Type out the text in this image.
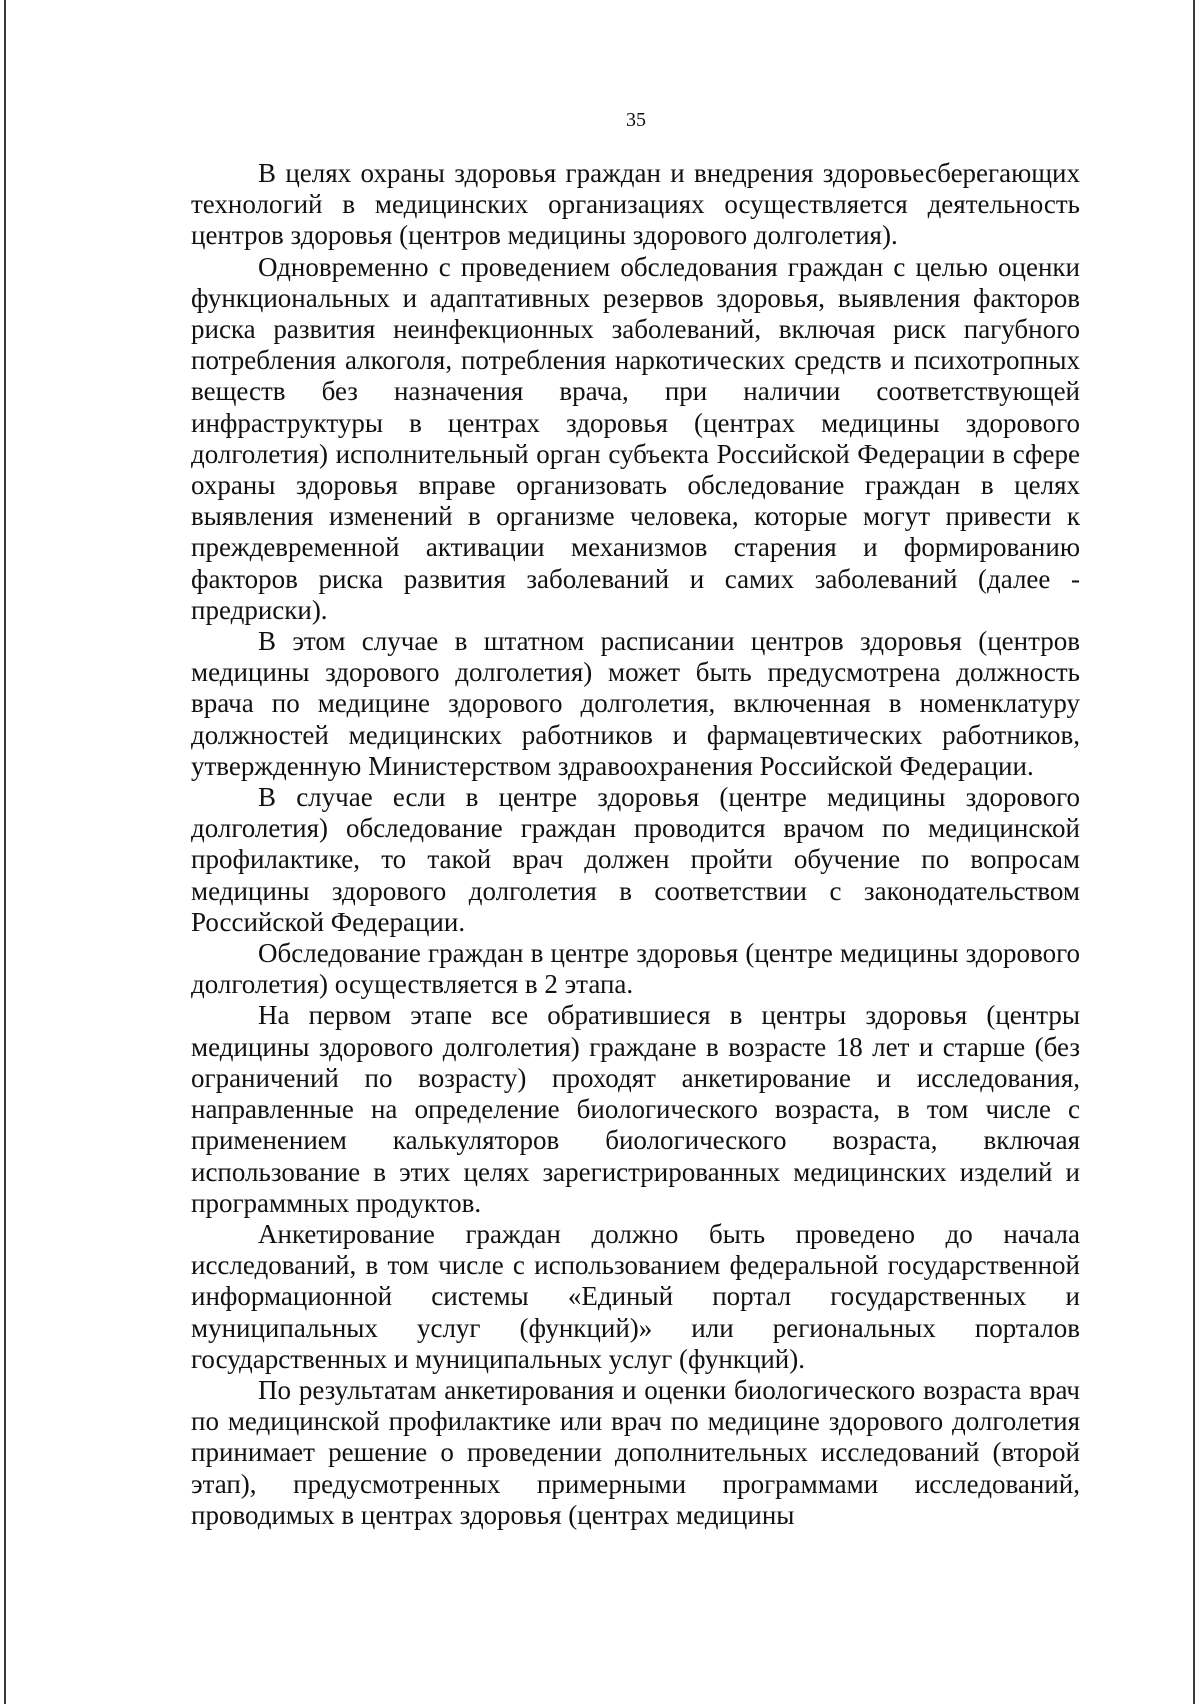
35

В целях охраны здоровья граждан и внедрения здоровьесберегающих технологий в медицинских организациях осуществляется деятельность центров здоровья (центров медицины здорового долголетия).

Одновременно с проведением обследования граждан с целью оценки функциональных и адаптативных резервов здоровья, выявления факторов риска развития неинфекционных заболеваний, включая риск пагубного потребления алкоголя, потребления наркотических средств и психотропных веществ без назначения врача, при наличии соответствующей инфраструктуры в центрах здоровья (центрах медицины здорового долголетия) исполнительный орган субъекта Российской Федерации в сфере охраны здоровья вправе организовать обследование граждан в целях выявления изменений в организме человека, которые могут привести к преждевременной активации механизмов старения и формированию факторов риска развития заболеваний и самих заболеваний (далее - предриски).

В этом случае в штатном расписании центров здоровья (центров медицины здорового долголетия) может быть предусмотрена должность врача по медицине здорового долголетия, включенная в номенклатуру должностей медицинских работников и фармацевтических работников, утвержденную Министерством здравоохранения Российской Федерации.

В случае если в центре здоровья (центре медицины здорового долголетия) обследование граждан проводится врачом по медицинской профилактике, то такой врач должен пройти обучение по вопросам медицины здорового долголетия в соответствии с законодательством Российской Федерации.

Обследование граждан в центре здоровья (центре медицины здорового долголетия) осуществляется в 2 этапа.

На первом этапе все обратившиеся в центры здоровья (центры медицины здорового долголетия) граждане в возрасте 18 лет и старше (без ограничений по возрасту) проходят анкетирование и исследования, направленные на определение биологического возраста, в том числе с применением калькуляторов биологического возраста, включая использование в этих целях зарегистрированных медицинских изделий и программных продуктов.

Анкетирование граждан должно быть проведено до начала исследований, в том числе с использованием федеральной государственной информационной системы «Единый портал государственных и муниципальных услуг (функций)» или региональных порталов государственных и муниципальных услуг (функций).

По результатам анкетирования и оценки биологического возраста врач по медицинской профилактике или врач по медицине здорового долголетия принимает решение о проведении дополнительных исследований (второй этап), предусмотренных примерными программами исследований, проводимых в центрах здоровья (центрах медицины
